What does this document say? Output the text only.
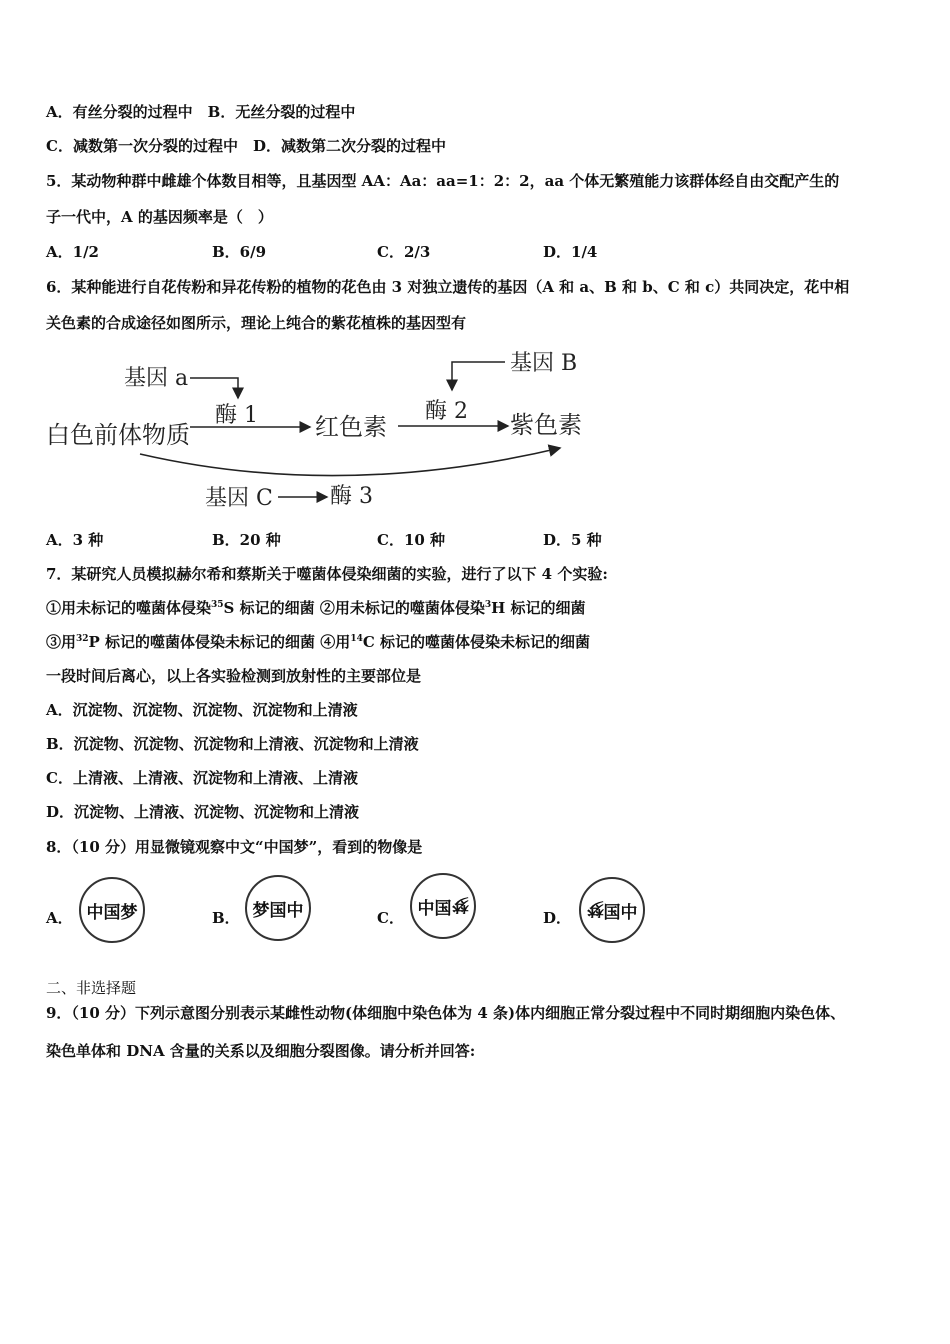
A．有丝分裂的过程中　B．无丝分裂的过程中
C．减数第一次分裂的过程中　D．减数第二次分裂的过程中
5．某动物种群中雌雄个体数目相等，且基因型 AA：Aa：aa=1：2：2，aa 个体无繁殖能力该群体经自由交配产生的
子一代中，A 的基因频率是（　）
A．1/2	B．6/9	C．2/3	D．1/4
6．某种能进行自花传粉和异花传粉的植物的花色由 3 对独立遗传的基因（A 和 a、B 和 b、C 和 c）共同决定，花中相
关色素的合成途径如图所示，理论上纯合的紫花植株的基因型有
基因 a
酶 1
白色前体物质	红色素
基因 B
酶 2 紫色素
基因 C	酶 3
A．3 种	B．20 种	C．10 种	D．5 种
7．某研究人员模拟赫尔希和蔡斯关于噬菌体侵染细菌的实验，进行了以下 4 个实验:
①用未标记的噬菌体侵染$^{35}$S 标记的细菌 ②用未标记的噬菌体侵染$^3$H 标记的细菌
③用$^{32}$P 标记的噬菌体侵染未标记的细菌 ④用$^{14}$C 标记的噬菌体侵染未标记的细菌
一段时间后离心，以上各实验检测到放射性的主要部位是
A．沉淀物、沉淀物、沉淀物、沉淀物和上清液
B．沉淀物、沉淀物、沉淀物和上清液、沉淀物和上清液
C．上清液、上清液、沉淀物和上清液、上清液
D．沉淀物、上清液、沉淀物、沉淀物和上清液
8．（10 分）用显微镜观察中文“中国梦”，看到的物像是
A． 中国梦	B． 梦国中	C． 中国 梦
D．
梦 国中
二、非选择题
9．（10 分）下列示意图分别表示某雌性动物(体细胞中染色体为 4 条)体内细胞正常分裂过程中不同时期细胞内染色体、
染色单体和 DNA 含量的关系以及细胞分裂图像。请分析并回答:
